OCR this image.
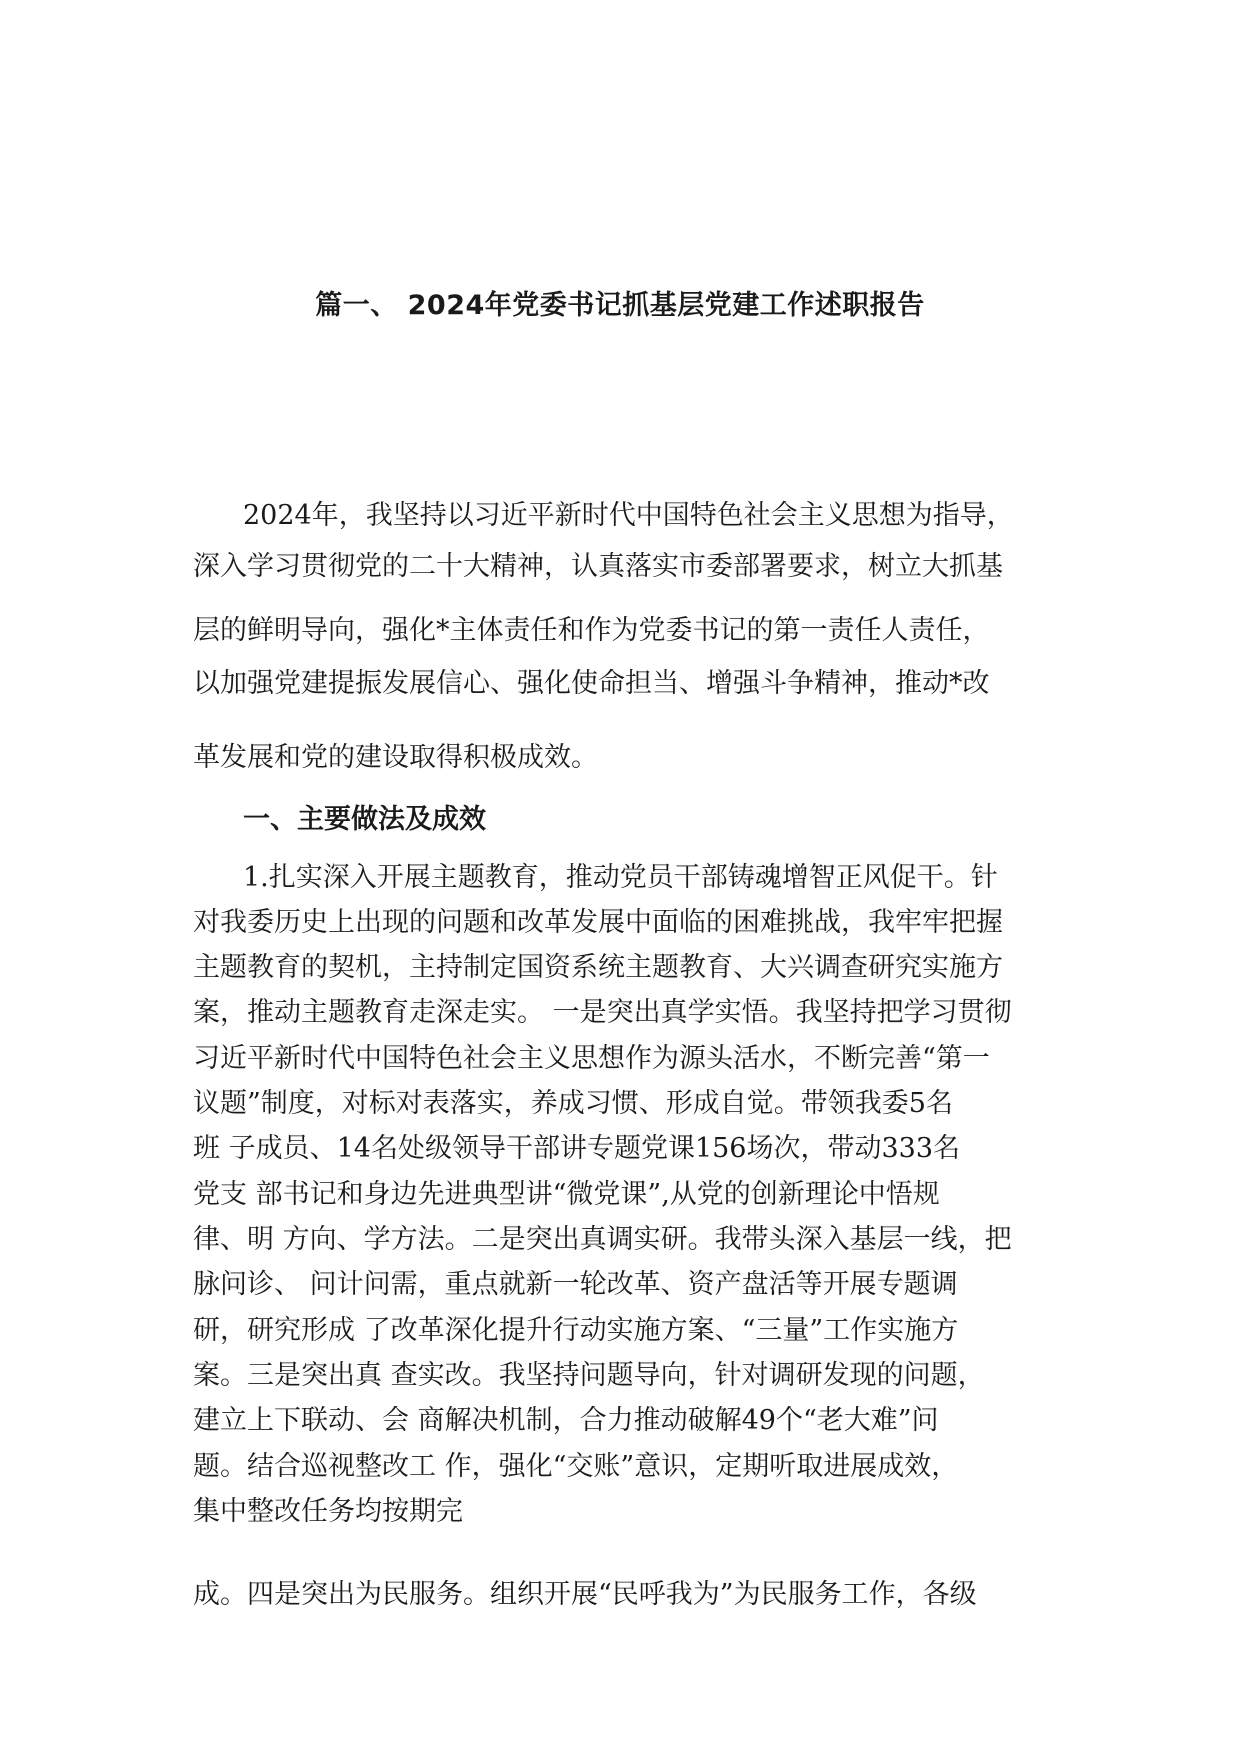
篇一、 2024年党委书记抓基层党建工作述职报告
2024年，我坚持以习近平新时代中国特色社会主义思想为指导，
深入学习贯彻党的二十大精神，认真落实市委部署要求，树立大抓基
层的鲜明导向，强化*主体责任和作为党委书记的第一责任人责任，
以加强党建提振发展信心、强化使命担当、增强斗争精神，推动*改
革发展和党的建设取得积极成效。
一、主要做法及成效
1.扎实深入开展主题教育，推动党员干部铸魂增智正风促干。针
对我委历史上出现的问题和改革发展中面临的困难挑战，我牢牢把握
主题教育的契机，主持制定国资系统主题教育、大兴调查研究实施方
案，推动主题教育走深走实。 一是突出真学实悟。我坚持把学习贯彻
习近平新时代中国特色社会主义思想作为源头活水，不断完善“第一
议题”制度，对标对表落实，养成习惯、形成自觉。带领我委5名
班 子成员、14名处级领导干部讲专题党课156场次，带动333名
党支 部书记和身边先进典型讲“微党课”,从党的创新理论中悟规
律、明 方向、学方法。二是突出真调实研。我带头深入基层一线，把
脉问诊、 问计问需，重点就新一轮改革、资产盘活等开展专题调
研，研究形成 了改革深化提升行动实施方案、“三量”工作实施方
案。三是突出真 查实改。我坚持问题导向，针对调研发现的问题，
建立上下联动、会 商解决机制，合力推动破解49个“老大难”问
题。结合巡视整改工 作，强化“交账”意识，定期听取进展成效，
集中整改任务均按期完
成。四是突出为民服务。组织开展“民呼我为”为民服务工作，各级
